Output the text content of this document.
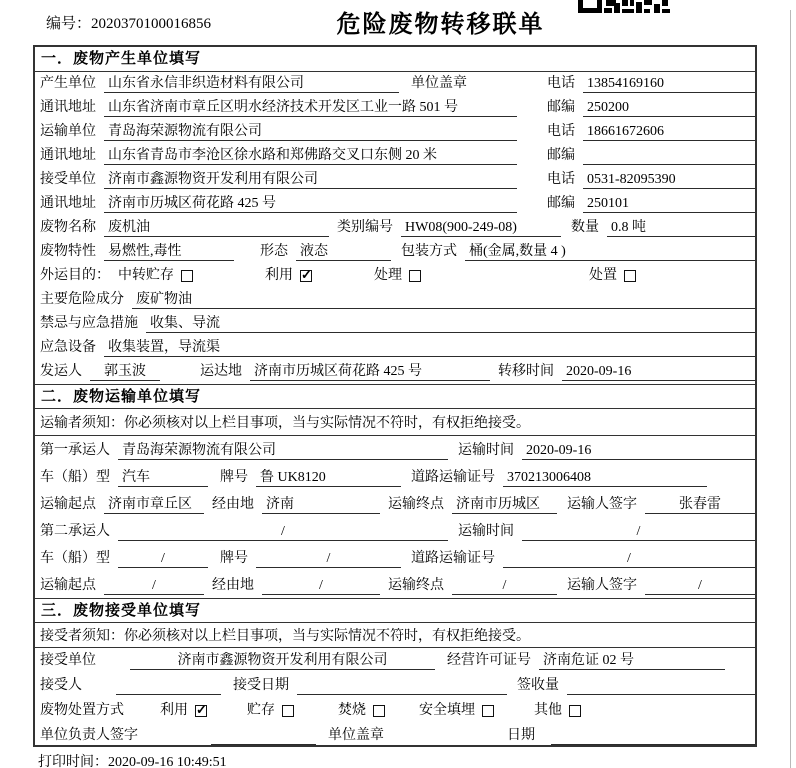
编号：2020370100016856	危险废物转移联单
一．废物产生单位填写
产生单位 山东省永信非织造材料有限公司	单位盖章	电话 13854169160
通讯地址 山东省济南市章丘区明水经济技术开发区工业一路 501 号	邮编 250200
运输单位 青岛海荣源物流有限公司	电话 18661672606
通讯地址 山东省青岛市李沧区徐水路和郑佛路交叉口东侧 20 米	邮编
接受单位 济南市鑫源物资开发利用有限公司	电话 0531-82095390
通讯地址 济南市历城区荷花路 425 号	邮编 250101
废物名称 废机油	类别编号 HW08(900-249-08)	数量 0.8 吨
废物特性 易燃性,毒性	形态 液态	包装方式 桶(金属,数量 4 )
外运目的： 中转贮存	利用 ✓	处理	处置
主要危险成分 废矿物油
禁忌与应急措施 收集、导流
应急设备 收集装置，导流渠
发运人	郭玉波	运达地 济南市历城区荷花路 425 号	转移时间 2020-09-16
二．废物运输单位填写
运输者须知： 你必须核对以上栏目事项，当与实际情况不符时，有权拒绝接受。
第一承运人 青岛海荣源物流有限公司	运输时间 2020-09-16
车（船）型 汽车	牌号 鲁 UK8120	道路运输证号 370213006408
运输起点 济南市章丘区	经由地 济南	运输终点 济南市历城区	运输人签字	张春雷
第二承运人	/	运输时间	/
车（船）型	/	牌号	/	道路运输证号	/
运输起点	/	经由地	/	运输终点	/	运输人签字	/
三．废物接受单位填写
接受者须知： 你必须核对以上栏目事项，当与实际情况不符时，有权拒绝接受。
接受单位	济南市鑫源物资开发利用有限公司	经营许可证号 济南危证 02 号
接受人	接受日期	签收量
废物处置方式	利用 ✓	贮存	焚烧	安全填埋	其他
单位负责人签字	单位盖章	日期
打印时间：2020-09-16 10:49:51
